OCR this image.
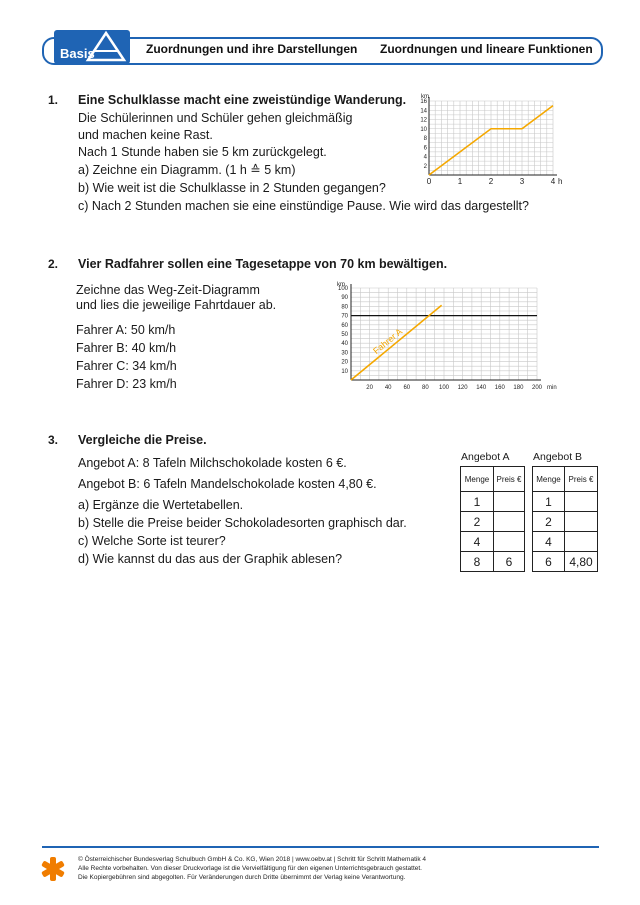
Basis	Zuordnungen und ihre Darstellungen Zuordnungen und lineare Funktionen
1. Eine Schulklasse macht eine zweistündige Wanderung.
Die Schülerinnen und Schüler gehen gleichmäßig
und machen keine Rast.
Nach 1 Stunde haben sie 5 km zurückgelegt.
a) Zeichne ein Diagramm. (1 h ≙ 5 km)
b) Wie weit ist die Schulklasse in 2 Stunden gegangen?
c) Nach 2 Stunden machen sie eine einstündige Pause. Wie wird das dargestellt?
2
4
6
8
10
12
14
16
0	1	2	3	4
km
h
2. Vier Radfahrer sollen eine Tagesetappe von 70 km bewältigen.
Zeichne das Weg-Zeit-Diagramm
und lies die jeweilige Fahrtdauer ab.
Fahrer A: 50 km/h
Fahrer B: 40 km/h
Fahrer C: 34 km/h
Fahrer D: 23 km/h
10
20
30
40
50
60
70
80
90
100
20 40 60 80 100 120 140 160 180 200
km
min
Fahrer A
3. Vergleiche die Preise.
Angebot A: 8 Tafeln Milchschokolade kosten 6 €.
Angebot B: 6 Tafeln Mandelschokolade kosten 4,80 €.
a) Ergänze die Wertetabellen.
b) Stelle die Preise beider Schokoladesorten graphisch dar.
c) Welche Sorte ist teurer?
d) Wie kannst du das aus der Graphik ablesen?
Angebot A
Menge	Preis €
1	
2	
4	
8	6
Angebot B
Menge	Preis €
1	
2	
4	
6	4,80
© Österreichischer Bundesverlag Schulbuch GmbH & Co. KG, Wien 2018 | www.oebv.at | Schritt für Schritt Mathematik 4
Alle Rechte vorbehalten. Von dieser Druckvorlage ist die Vervielfältigung für den eigenen Unterrichtsgebrauch gestattet.
Die Kopiergebühren sind abgegolten. Für Veränderungen durch Dritte übernimmt der Verlag keine Verantwortung.
